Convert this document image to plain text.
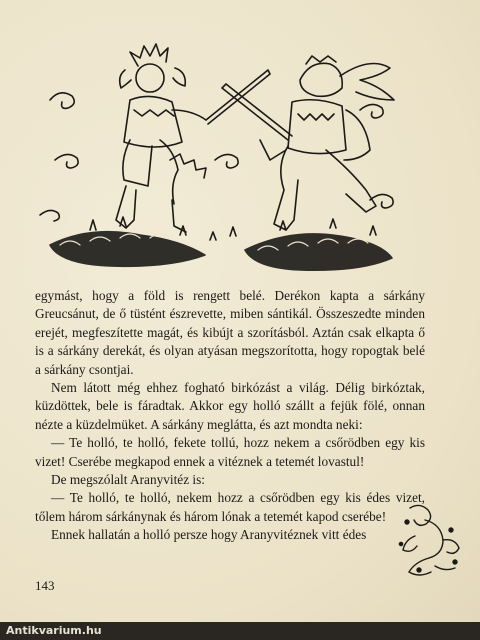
egymást, hogy a föld is rengett belé. Derékon kapta a sárkány Greucsánut, de ő tüstént észrevette, miben sántikál. Összeszedte minden erejét, megfeszítette magát, és kibújt a szorításból. Aztán csak elkapta ő is a sárkány derekát, és olyan atyásan megszorította, hogy ropogtak belé a sárkány csontjai.

Nem látott még ehhez fogható birkózást a világ. Délig birkóztak, küzdöttek, bele is fáradtak. Akkor egy holló szállt a fejük fölé, onnan nézte a küzdelmüket. A sárkány meglátta, és azt mondta neki:

— Te holló, te holló, fekete tollú, hozz nekem a csőrödben egy kis vizet! Cserébe megkapod ennek a vitéznek a tetemét lovastul!

De megszólalt Aranyvitéz is:

— Te holló, te holló, nekem hozz a csőrödben egy kis édes vizet, tőlem három sárkánynak és három lónak a tetemét kapod cserébe!

Ennek hallatán a holló persze hogy Aranyvitéznek vitt édes

143
Antikvarium.hu
